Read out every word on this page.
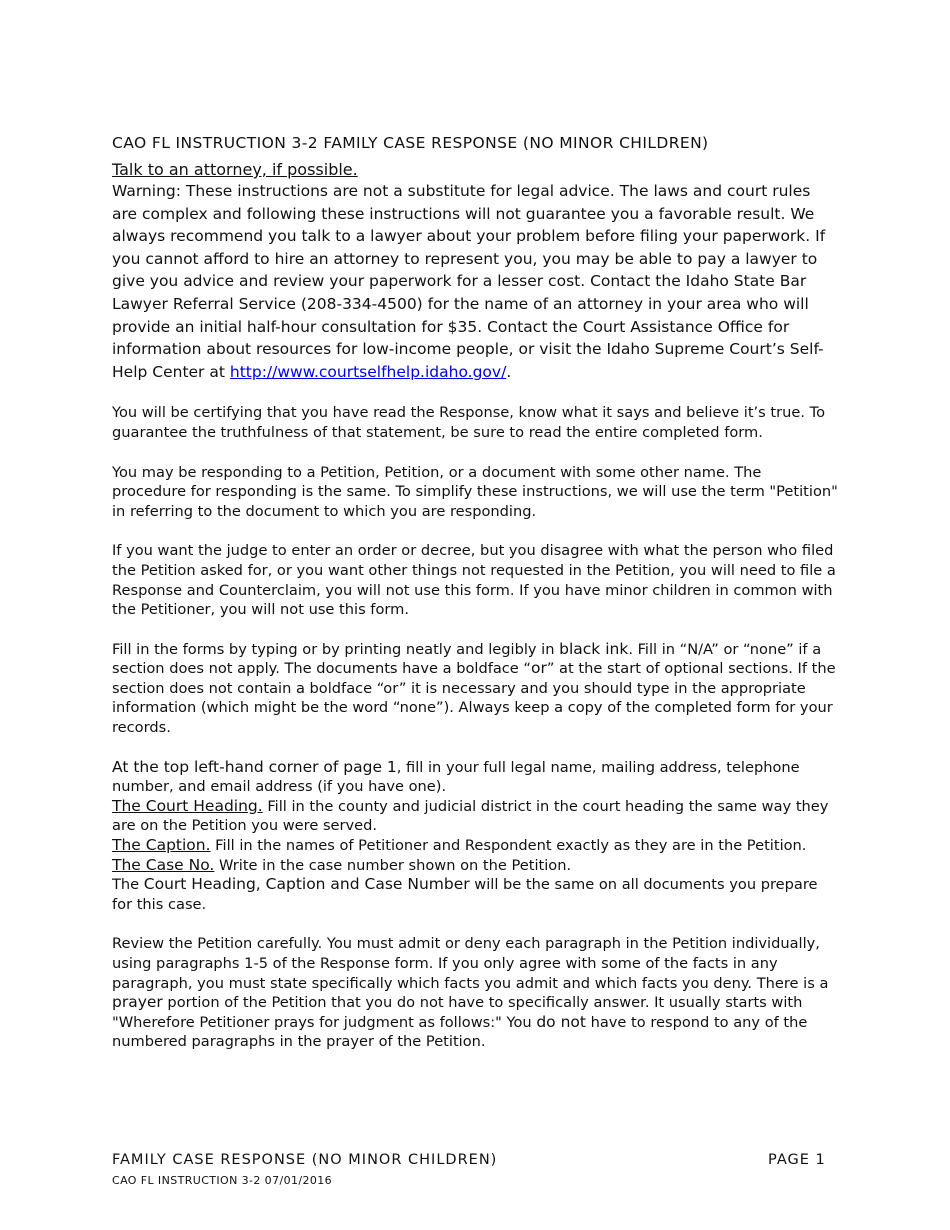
CAO FL INSTRUCTION 3-2 FAMILY CASE RESPONSE (NO MINOR CHILDREN)

Talk to an attorney, if possible.

Warning: These instructions are not a substitute for legal advice. The laws and court rules are complex and following these instructions will not guarantee you a favorable result. We always recommend you talk to a lawyer about your problem before filing your paperwork. If you cannot afford to hire an attorney to represent you, you may be able to pay a lawyer to give you advice and review your paperwork for a lesser cost. Contact the Idaho State Bar Lawyer Referral Service (208-334-4500) for the name of an attorney in your area who will provide an initial half-hour consultation for $35. Contact the Court Assistance Office for information about resources for low-income people, or visit the Idaho Supreme Court’s Self-Help Center at http://www.courtselfhelp.idaho.gov/.

You will be certifying that you have read the Response, know what it says and believe it’s true. To guarantee the truthfulness of that statement, be sure to read the entire completed form.

You may be responding to a Petition, Petition, or a document with some other name. The procedure for responding is the same. To simplify these instructions, we will use the term "Petition" in referring to the document to which you are responding.

If you want the judge to enter an order or decree, but you disagree with what the person who filed the Petition asked for, or you want other things not requested in the Petition, you will need to file a Response and Counterclaim, you will not use this form. If you have minor children in common with the Petitioner, you will not use this form.

Fill in the forms by typing or by printing neatly and legibly in black ink. Fill in “N/A” or “none” if a section does not apply. The documents have a boldface “or” at the start of optional sections. If the section does not contain a boldface “or” it is necessary and you should type in the appropriate information (which might be the word “none”). Always keep a copy of the completed form for your records.

At the top left-hand corner of page 1, fill in your full legal name, mailing address, telephone number, and email address (if you have one).

The Court Heading. Fill in the county and judicial district in the court heading the same way they are on the Petition you were served.

The Caption. Fill in the names of Petitioner and Respondent exactly as they are in the Petition.

The Case No. Write in the case number shown on the Petition.

The Court Heading, Caption and Case Number will be the same on all documents you prepare for this case.

Review the Petition carefully. You must admit or deny each paragraph in the Petition individually, using paragraphs 1-5 of the Response form. If you only agree with some of the facts in any paragraph, you must state specifically which facts you admit and which facts you deny. There is a prayer portion of the Petition that you do not have to specifically answer. It usually starts with "Wherefore Petitioner prays for judgment as follows:" You do not have to respond to any of the numbered paragraphs in the prayer of the Petition.

FAMILY CASE RESPONSE (NO MINOR CHILDREN)	PAGE 1
CAO FL INSTRUCTION 3-2 07/01/2016
